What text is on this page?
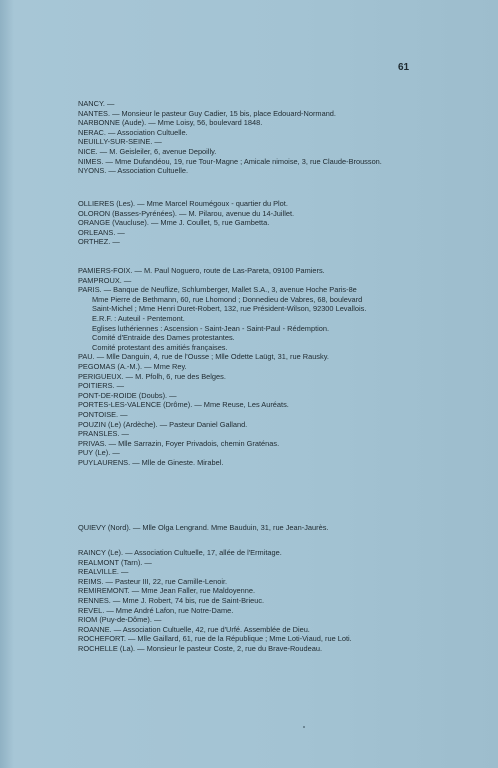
61
NANCY. —
NANTES. — Monsieur le pasteur Guy Cadier, 15 bis, place Edouard-Normand.
NARBONNE (Aude). — Mme Loisy, 56, boulevard 1848.
NERAC. — Association Cultuelle.
NEUILLY-SUR-SEINE. —
NICE. — M. Geisleiler, 6, avenue Depoilly.
NIMES. — Mme Dufandéou, 19, rue Tour-Magne ; Amicale nimoise, 3, rue Claude-Brousson.
NYONS. — Association Cultuelle.
OLLIERES (Les). — Mme Marcel Roumégoux - quartier du Plot.
OLORON (Basses-Pyrénées). — M. Pilarou, avenue du 14-Juillet.
ORANGE (Vaucluse). — Mme J. Coullet, 5, rue Gambetta.
ORLEANS. —
ORTHEZ. —
PAMIERS-FOIX. — M. Paul Noguero, route de Las-Pareta, 09100 Pamiers.
PAMPROUX. —
PARIS. — Banque de Neuflize, Schlumberger, Mallet S.A., 3, avenue Hoche Paris-8e
Mme Pierre de Bethmann, 60, rue Lhomond ; Donnedieu de Vabres, 68, boulevard
Saint-Michel ; Mme Henri Duret-Robert, 132, rue Président-Wilson, 92300 Levallois.
E.R.F. : Auteuil - Pentemont.
Eglises luthériennes : Ascension - Saint-Jean - Saint-Paul - Rédemption.
Comité d'Entraide des Dames protestantes.
Comité protestant des amitiés françaises.
PAU. — Mlle Danguin, 4, rue de l'Ousse ; Mlle Odette Laügt, 31, rue Rausky.
PEGOMAS (A.-M.). — Mme Rey.
PERIGUEUX. — M. Pfolh, 6, rue des Belges.
POITIERS. —
PONT-DE-ROIDE (Doubs). —
PORTES-LES-VALENCE (Drôme). — Mme Reuse, Les Auréats.
PONTOISE. —
POUZIN (Le) (Ardèche). — Pasteur Daniel Galland.
PRANSLES. —
PRIVAS. — Mlle Sarrazin, Foyer Privadois, chemin Graténas.
PUY (Le). —
PUYLAURENS. — Mlle de Gineste. Mirabel.
QUIEVY (Nord). — Mlle Olga Lengrand. Mme Bauduin, 31, rue Jean-Jaurès.
RAINCY (Le). — Association Cultuelle, 17, allée de l'Ermitage.
REALMONT (Tarn). —
REALVILLE. —
REIMS. — Pasteur III, 22, rue Camille-Lenoir.
REMIREMONT. — Mme Jean Faller, rue Maldoyenne.
RENNES. — Mme J. Robert, 74 bis, rue de Saint-Brieuc.
REVEL. — Mme André Lafon, rue Notre-Dame.
RIOM (Puy-de-Dôme). —
ROANNE. — Association Cultuelle, 42, rue d'Urfé. Assemblée de Dieu.
ROCHEFORT. — Mlle Gaillard, 61, rue de la République ; Mme Loti-Viaud, rue Loti.
ROCHELLE (La). — Monsieur le pasteur Coste, 2, rue du Brave-Roudeau.
